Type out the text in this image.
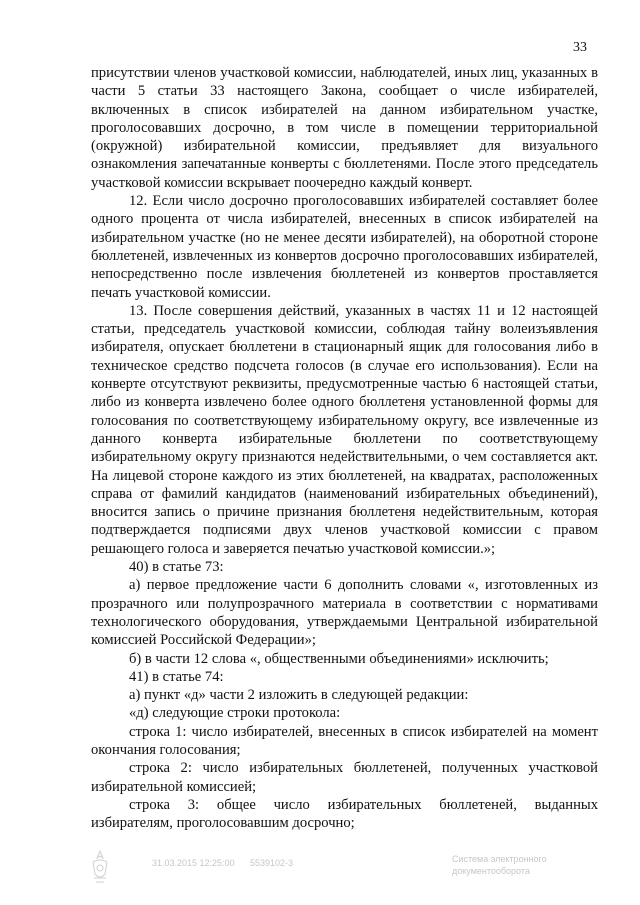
33

присутствии членов участковой комиссии, наблюдателей, иных лиц, указанных в части 5 статьи 33 настоящего Закона, сообщает о числе избирателей, включенных в список избирателей на данном избирательном участке, проголосовавших досрочно, в том числе в помещении территориальной (окружной) избирательной комиссии, предъявляет для визуального ознакомления запечатанные конверты с бюллетенями. После этого председатель участковой комиссии вскрывает поочередно каждый конверт.

12. Если число досрочно проголосовавших избирателей составляет более одного процента от числа избирателей, внесенных в список избирателей на избирательном участке (но не менее десяти избирателей), на оборотной стороне бюллетеней, извлеченных из конвертов досрочно проголосовавших избирателей, непосредственно после извлечения бюллетеней из конвертов проставляется печать участковой комиссии.

13. После совершения действий, указанных в частях 11 и 12 настоящей статьи, председатель участковой комиссии, соблюдая тайну волеизъявления избирателя, опускает бюллетени в стационарный ящик для голосования либо в техническое средство подсчета голосов (в случае его использования). Если на конверте отсутствуют реквизиты, предусмотренные частью 6 настоящей статьи, либо из конверта извлечено более одного бюллетеня установленной формы для голосования по соответствующему избирательному округу, все извлеченные из данного конверта избирательные бюллетени по соответствующему избирательному округу признаются недействительными, о чем составляется акт. На лицевой стороне каждого из этих бюллетеней, на квадратах, расположенных справа от фамилий кандидатов (наименований избирательных объединений), вносится запись о причине признания бюллетеня недействительным, которая подтверждается подписями двух членов участковой комиссии с правом решающего голоса и заверяется печатью участковой комиссии.»;

40) в статье 73:

а) первое предложение части 6 дополнить словами «, изготовленных из прозрачного или полупрозрачного материала в соответствии с нормативами технологического оборудования, утверждаемыми Центральной избирательной комиссией Российской Федерации»;

б) в части 12 слова «, общественными объединениями» исключить;

41) в статье 74:

а) пункт «д» части 2 изложить в следующей редакции:

«д) следующие строки протокола:

строка 1: число избирателей, внесенных в список избирателей на момент окончания голосования;

строка 2: число избирательных бюллетеней, полученных участковой избирательной комиссией;

строка 3: общее число избирательных бюллетеней, выданных избирателям, проголосовавшим досрочно;

31.03.2015 12:25:00 5539102-3	Система электронного документооборота
